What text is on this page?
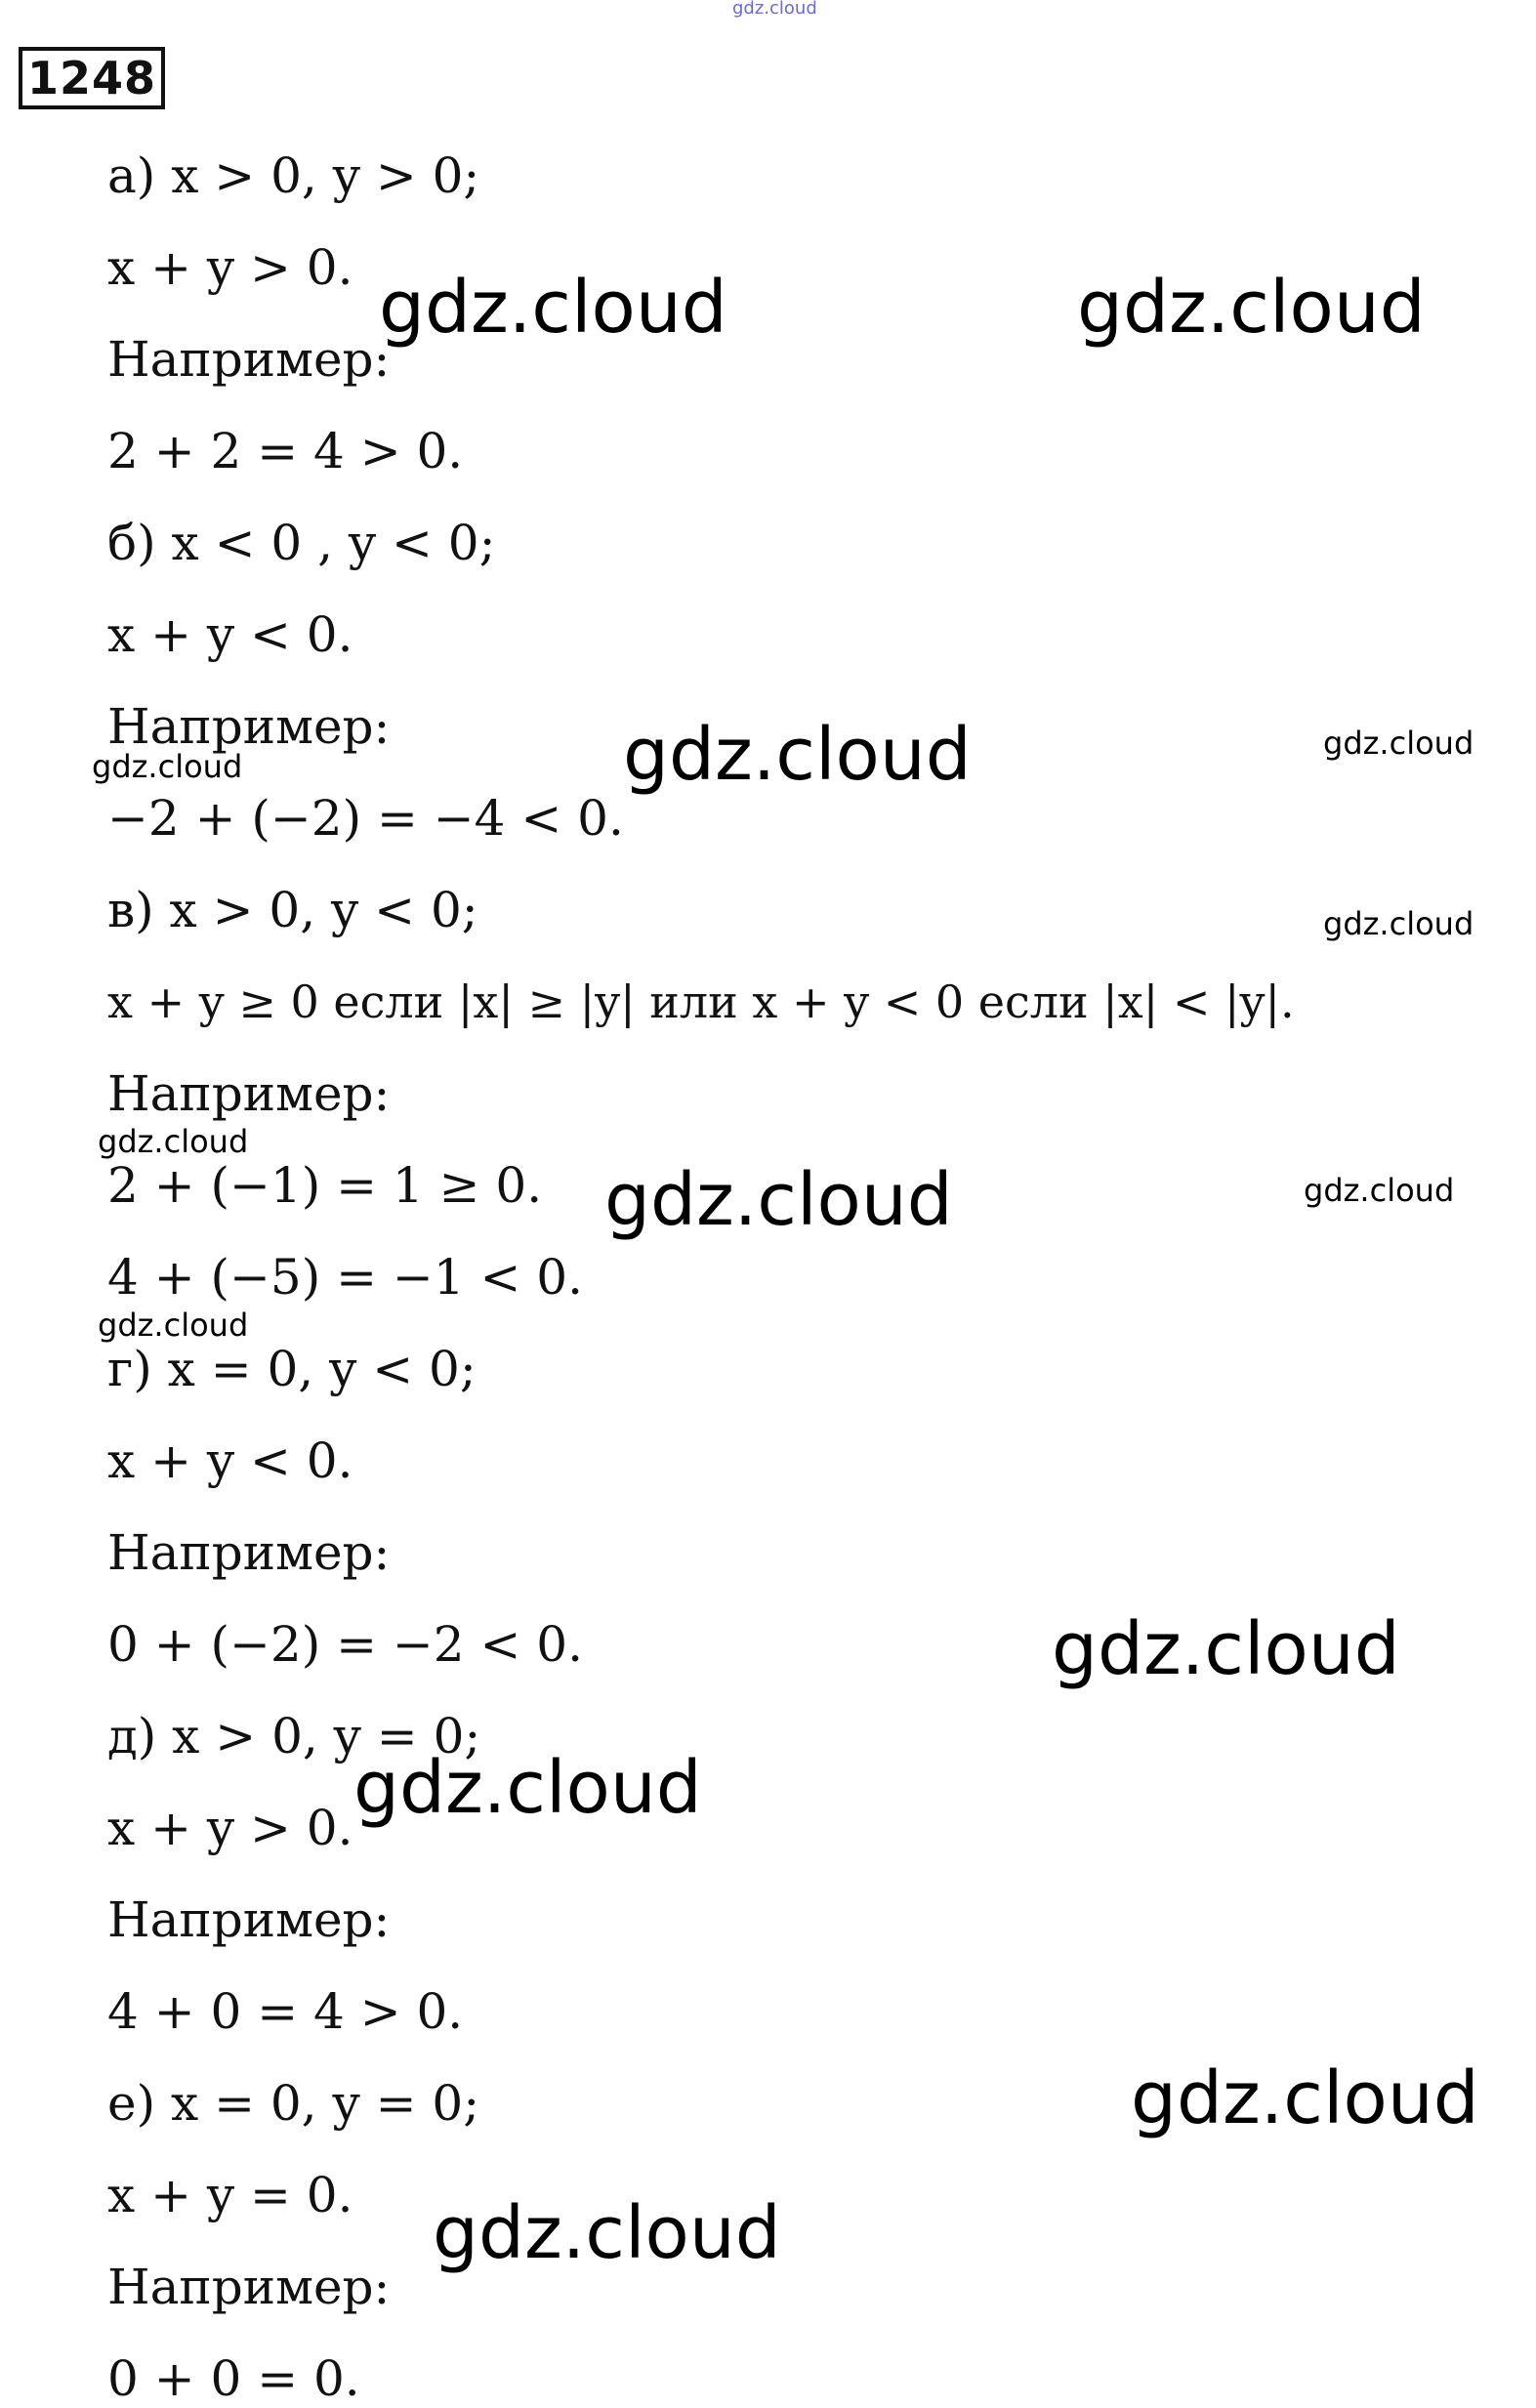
1248
а) x > 0, y > 0;
x + y > 0.
Например:
2 + 2 = 4 > 0.
б) x < 0 , y < 0;
x + y < 0.
Например:
−2 + (−2) = −4 < 0.
в) x > 0, y < 0;
x + y ≥ 0 если |x| ≥ |y| или x + y < 0 если |x| < |y|.
Например:
2 + (−1) = 1 ≥ 0.
4 + (−5) = −1 < 0.
г) x = 0, y < 0;
x + y < 0.
Например:
0 + (−2) = −2 < 0.
д) x > 0, y = 0;
x + y > 0.
Например:
4 + 0 = 4 > 0.
е) x = 0, y = 0;
x + y = 0.
Например:
0 + 0 = 0.
gdz.cloud
gdz.cloud	gdz.cloud
gdz.cloud	gdz.cloud	gdz.cloud
gdz.cloud
gdz.cloud
gdz.cloud	gdz.cloud
gdz.cloud
gdz.cloud
gdz.cloud
gdz.cloud
gdz.cloud
